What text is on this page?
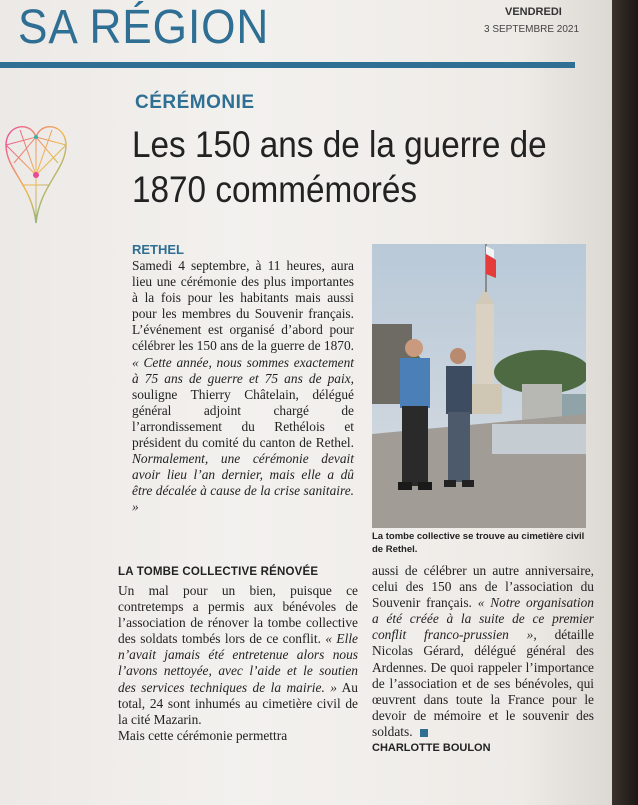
SA RÉGION	VENDREDI
3 SEPTEMBRE 2021
CÉRÉMONIE
Les 150 ans de la guerre de 1870 commémorés
RETHEL

Samedi 4 septembre, à 11 heures, aura lieu une cérémonie des plus importantes à la fois pour les habitants mais aussi pour les membres du Souvenir français. L’événement est organisé d’abord pour célébrer les 150 ans de la guerre de 1870. « Cette année, nous sommes exactement à 75 ans de guerre et 75 ans de paix, souligne Thierry Châtelain, délégué général adjoint chargé de l’arrondissement du Rethélois et président du comité du canton de Rethel. Normalement, une cérémonie devait avoir lieu l’an dernier, mais elle a dû être décalée à cause de la crise sanitaire. »

La tombe collective se trouve au cimetière civil de Rethel.
LA TOMBE COLLECTIVE RÉNOVÉE

Un mal pour un bien, puisque ce contretemps a permis aux bénévoles de l’association de rénover la tombe collective des soldats tombés lors de ce conflit. « Elle n’avait jamais été entretenue alors nous l’avons nettoyée, avec l’aide et le soutien des services techniques de la mairie. » Au total, 24 sont inhumés au cimetière civil de la cité Mazarin.

Mais cette cérémonie permettra

aussi de célébrer un autre anniversaire, celui des 150 ans de l’association du Souvenir français. « Notre organisation a été créée à la suite de ce premier conflit franco-prussien », détaille Nicolas Gérard, délégué général des Ardennes. De quoi rappeler l’importance de l’association et de ses bénévoles, qui œuvrent dans toute la France pour le devoir de mémoire et le souvenir des soldats.

CHARLOTTE BOULON
